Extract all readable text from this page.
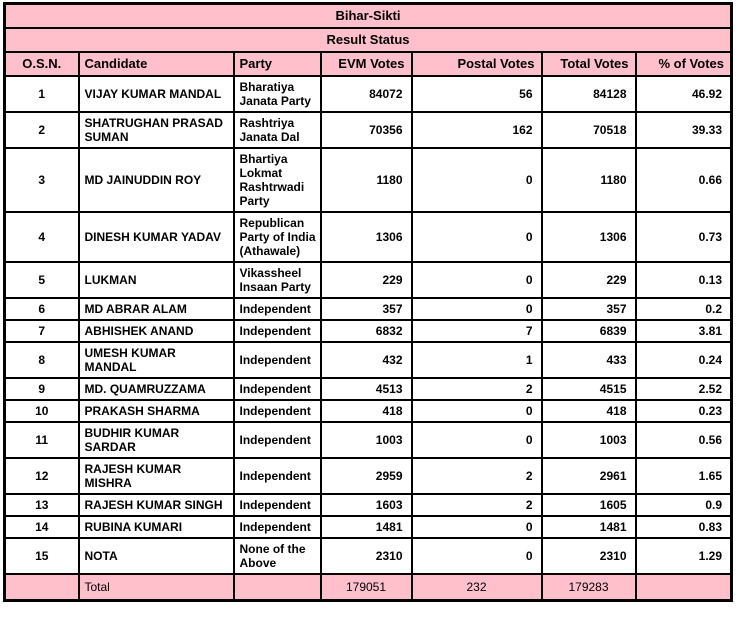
Bihar-Sikti						
Result Status						
O.S.N.	Candidate	Party	EVM Votes	Postal Votes	Total Votes	% of Votes
1	VIJAY KUMAR MANDAL	Bharatiya Janata Party	84072	56	84128	46.92
2	SHATRUGHAN PRASAD SUMAN	Rashtriya Janata Dal	70356	162	70518	39.33
3	MD JAINUDDIN ROY	Bhartiya Lokmat Rashtrwadi Party	1180	0	1180	0.66
4	DINESH KUMAR YADAV	Republican Party of India (Athawale)	1306	0	1306	0.73
5	LUKMAN	Vikassheel Insaan Party	229	0	229	0.13
6	MD ABRAR ALAM	Independent	357	0	357	0.2
7	ABHISHEK ANAND	Independent	6832	7	6839	3.81
8	UMESH KUMAR MANDAL	Independent	432	1	433	0.24
9	MD. QUAMRUZZAMA	Independent	4513	2	4515	2.52
10	PRAKASH SHARMA	Independent	418	0	418	0.23
11	BUDHIR KUMAR SARDAR	Independent	1003	0	1003	0.56
12	RAJESH KUMAR MISHRA	Independent	2959	2	2961	1.65
13	RAJESH KUMAR SINGH	Independent	1603	2	1605	0.9
14	RUBINA KUMARI	Independent	1481	0	1481	0.83
15	NOTA	None of the Above	2310	0	2310	1.29
	Total		179051	232	179283	
